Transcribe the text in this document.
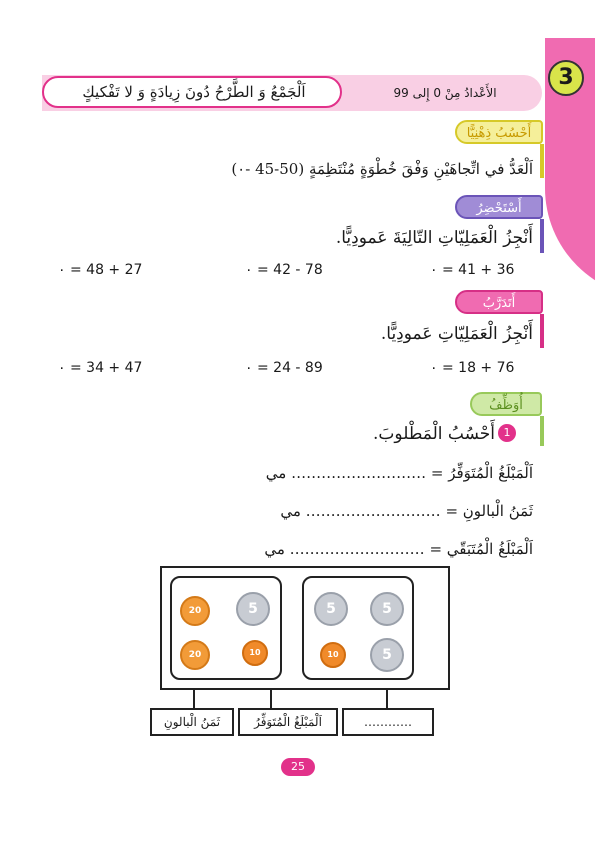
اَلْجَمْعُ وَ الطَّرْحُ دُونَ زِيادَةٍ وَ لا تَفْكيكٍ	الأَعْدادُ مِنْ 0 إِلى 99
3
أَحْسُبُ ذِهْنِيًّا
اَلْعَدُّ في اتِّجاهَيْنِ وَفْقَ خُطْوَةٍ مُنْتَظِمَةٍ (50-45 -٠)
أَسْتَحْضِرُ
أَنْجِزُ الْعَمَلِيّاتِ التّالِيَةَ عَمودِيًّا.
٠ = 41 + 36
٠ = 42 - 78
٠ = 48 + 27
أَتَدَرَّبُ
أَنْجِزُ الْعَمَلِيّاتِ عَمودِيًّا.
٠ = 18 + 76
٠ = 24 - 89
٠ = 34 + 47
أُوَظِّفُ
1
أَحْسُبُ الْمَطْلوبَ.
اَلْمَبْلَغُ الْمُتَوَفِّرُ = ……………………… مي
ثَمَنُ الْبالونِ = ……………………… مي
اَلْمَبْلَغُ الْمُتَبَقّي = ……………………… مي
20	5
20	10
5	5
10	5
ثَمَنُ الْبالونِ	اَلْمَبْلَغُ الْمُتَوَفِّرُ	…………
25
